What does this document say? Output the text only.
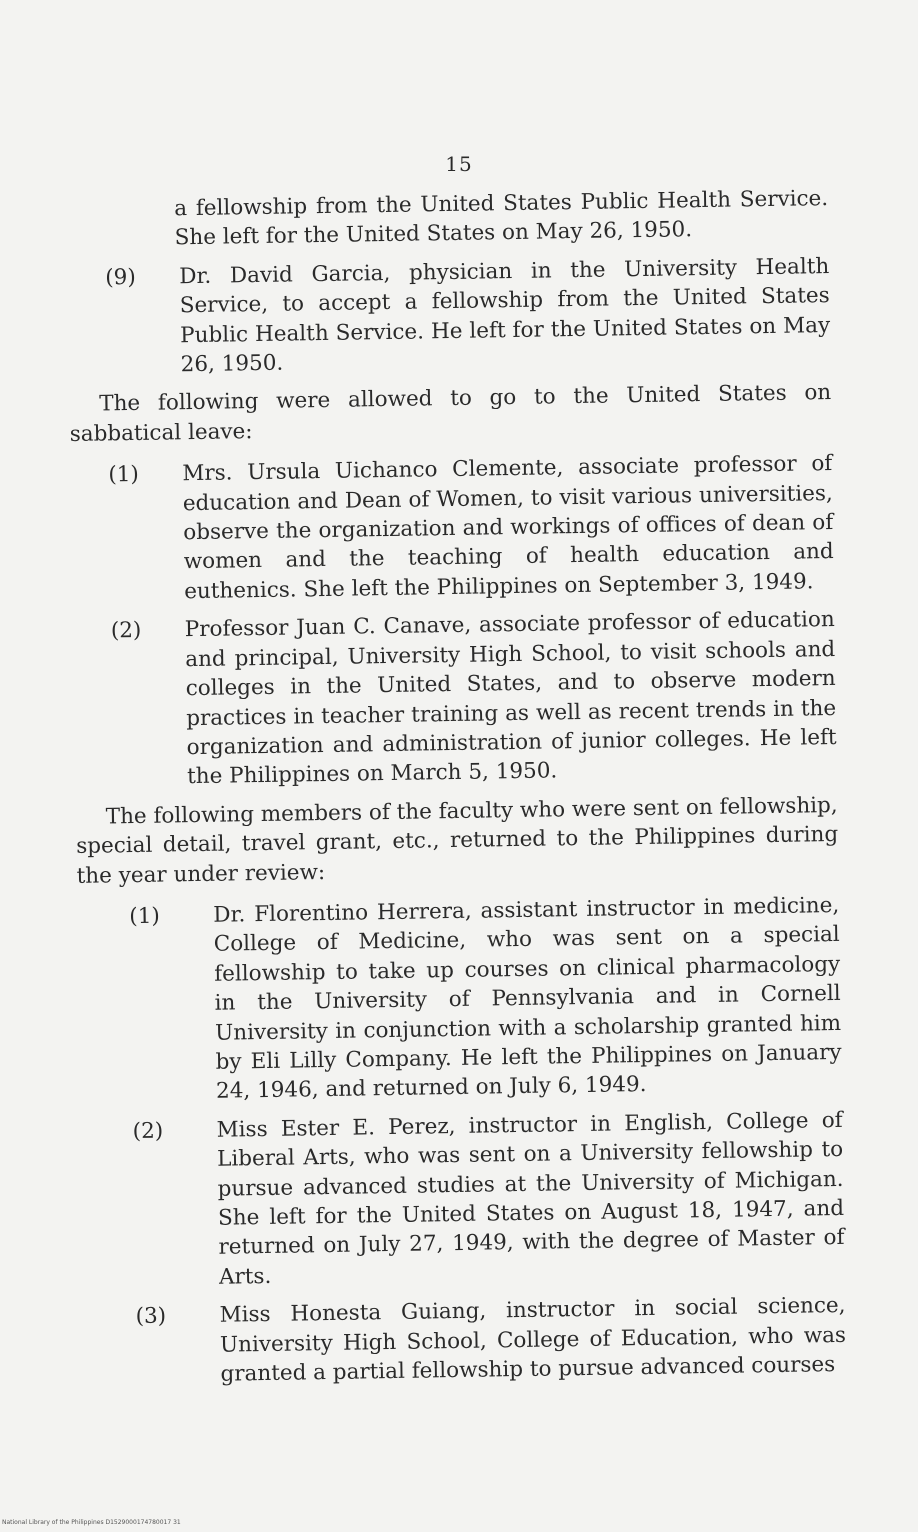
15

a fellowship from the United States Public Health Service. She left for the United States on May 26, 1950.

(9) Dr. David Garcia, physician in the University Health Service, to accept a fellowship from the United States Public Health Service. He left for the United States on May 26, 1950.

The following were allowed to go to the United States on sabbatical leave:

(1) Mrs. Ursula Uichanco Clemente, associate professor of education and Dean of Women, to visit various universities, observe the organization and workings of offices of dean of women and the teaching of health education and euthenics. She left the Philippines on September 3, 1949.

(2) Professor Juan C. Canave, associate professor of education and principal, University High School, to visit schools and colleges in the United States, and to observe modern practices in teacher training as well as recent trends in the organization and administration of junior colleges. He left the Philippines on March 5, 1950.

The following members of the faculty who were sent on fellowship, special detail, travel grant, etc., returned to the Philippines during the year under review:

(1) Dr. Florentino Herrera, assistant instructor in medicine, College of Medicine, who was sent on a special fellowship to take up courses on clinical pharmacology in the University of Pennsylvania and in Cornell University in conjunction with a scholarship granted him by Eli Lilly Company. He left the Philippines on January 24, 1946, and returned on July 6, 1949.

(2) Miss Ester E. Perez, instructor in English, College of Liberal Arts, who was sent on a University fellowship to pursue advanced studies at the University of Michigan. She left for the United States on August 18, 1947, and returned on July 27, 1949, with the degree of Master of Arts.

(3) Miss Honesta Guiang, instructor in social science, University High School, College of Education, who was granted a partial fellowship to pursue advanced courses

National Library of the Philippines D1529000174780017 31
